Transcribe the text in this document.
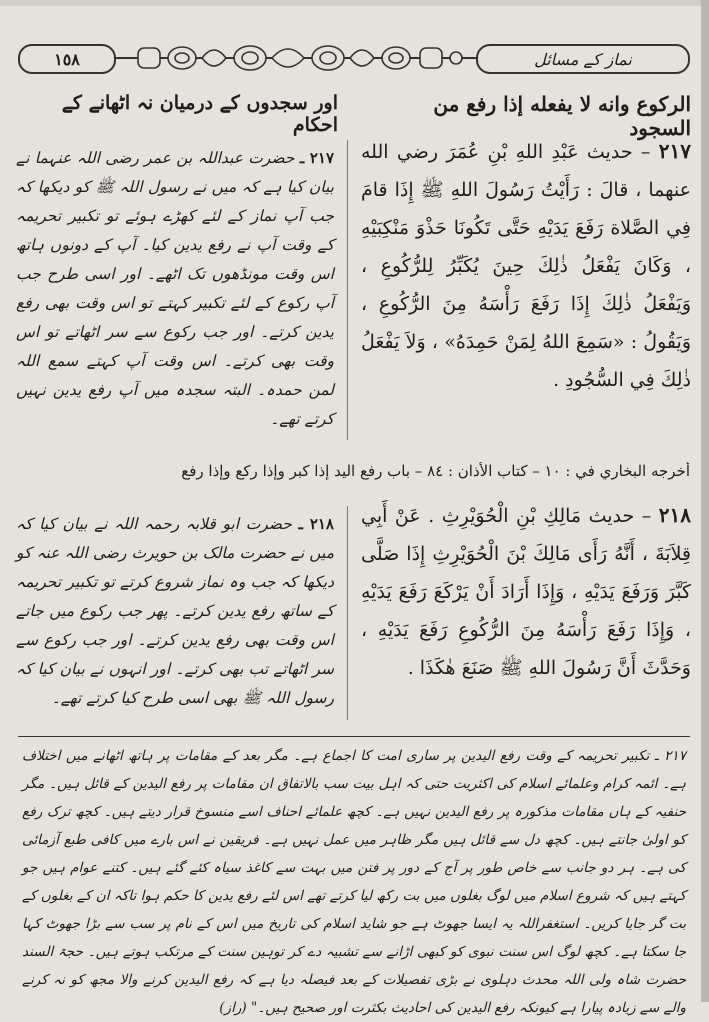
١٥٨	نماز کے مسائل
الركوع وانه لا يفعله إذا رفع من السجود
اور سجدوں کے درمیان نہ اٹھانے کے احکام
٢١٧ – حديث عَبْدِ اللهِ بْنِ عُمَرَ رضي الله عنهما ، قالَ : رَأَيْتُ رَسُولَ اللهِ ﷺ إِذَا قامَ فِي الصَّلاة رَفَعَ يَدَيْهِ حَتَّى تَكُونَا حَذْوَ مَنْكِبَيْهِ ، وَكَانَ يَفْعَلُ ذٰلِكَ حِينَ يُكَبِّرُ لِلرُّكُوعِ ، وَيَفْعَلُ ذٰلِكَ إِذَا رَفَعَ رَأْسَهُ مِنَ الرُّكُوعِ ، وَيَقُولُ : «سَمِعَ اللهُ لِمَنْ حَمِدَهُ» ، وَلاَ يَفْعَلُ ذٰلِكَ فِي السُّجُودِ .
٢١٧ ـ حضرت عبداللہ بن عمر رضی اللہ عنہما نے بیان کیا ہے کہ میں نے رسول اللہ ﷺ کو دیکھا کہ جب آپ نماز کے لئے کھڑے ہوئے تو تکبیر تحریمہ کے وقت آپ نے رفع یدین کیا۔ آپ کے دونوں ہاتھ اس وقت مونڈھوں تک اٹھے۔ اور اسی طرح جب آپ رکوع کے لئے تکبیر کہتے تو اس وقت بھی رفع یدین کرتے۔ اور جب رکوع سے سر اٹھاتے تو اس وقت بھی کرتے۔ اس وقت آپ کہتے سمع اللہ لمن حمدہ۔ البتہ سجدہ میں آپ رفع یدین نہیں کرتے تھے۔
أخرجه البخاري في : ١٠ – كتاب الأذان : ٨٤ – باب رفع اليد إذا كبر وإذا ركع وإذا رفع
٢١٨ – حديث مَالِكِ بْنِ الْحُوَيْرِثِ . عَنْ أَبِي قِلاَبَةَ ، أَنَّهُ رَأَى مَالِكَ بْنَ الْحُوَيْرِثِ إِذَا صَلَّى كَبَّرَ وَرَفَعَ يَدَيْهِ ، وَإِذَا أَرَادَ أَنْ يَرْكَعَ رَفَعَ يَدَيْهِ ، وَإِذَا رَفَعَ رَأْسَهُ مِنَ الرُّكُوعِ رَفَعَ يَدَيْهِ ، وَحَدَّثَ أَنَّ رَسُولَ اللهِ ﷺ صَنَعَ هٰكَذَا .
٢١٨ ـ حضرت ابو قلابہ رحمہ اللہ نے بیان کیا کہ میں نے حضرت مالک بن حویرث رضی اللہ عنہ کو دیکھا کہ جب وہ نماز شروع کرتے تو تکبیر تحریمہ کے ساتھ رفع یدین کرتے۔ پھر جب رکوع میں جاتے اس وقت بھی رفع یدین کرتے۔ اور جب رکوع سے سر اٹھاتے تب بھی کرتے۔ اور انہوں نے بیان کیا کہ رسول اللہ ﷺ بھی اسی طرح کیا کرتے تھے۔
٢١٧ ـ تکبیر تحریمہ کے وقت رفع الیدین پر ساری امت کا اجماع ہے۔ مگر بعد کے مقامات پر ہاتھ اٹھانے میں اختلاف ہے۔ ائمہ کرام وعلمائے اسلام کی اکثریت حتی کہ اہل بیت سب بالاتفاق ان مقامات پر رفع الیدین کے قائل ہیں۔ مگر حنفیہ کے ہاں مقامات مذکورہ پر رفع الیدین نہیں ہے۔ کچھ علمائے احناف اسے منسوخ قرار دیتے ہیں۔ کچھ ترک رفع کو اولیٰ جانتے ہیں۔ کچھ دل سے قائل ہیں مگر ظاہر میں عمل نہیں ہے۔ فریقین نے اس بارے میں کافی طبع آزمائی کی ہے۔ ہر دو جانب سے خاص طور پر آج کے دور پر فتن میں بہت سے کاغذ سیاہ کئے گئے ہیں۔ کتنے عوام ہیں جو کہتے ہیں کہ شروع اسلام میں لوگ بغلوں میں بت رکھ لیا کرتے تھے اس لئے رفع یدین کا حکم ہوا تاکہ ان کے بغلوں کے بت گر جایا کریں۔ استغفراللہ یہ ایسا جھوٹ ہے جو شاید اسلام کی تاریخ میں اس کے نام پر سب سے بڑا جھوٹ کہا جا سکتا ہے۔ کچھ لوگ اس سنت نبوی کو کبھی اڑانے سے تشبیہ دے کر توہین سنت کے مرتکب ہوتے ہیں۔ حجۃ السند حضرت شاہ ولی اللہ محدث دہلوی نے بڑی تفصیلات کے بعد فیصلہ دیا ہے کہ رفع الیدین کرنے والا مجھ کو نہ کرنے والے سے زیادہ پیارا ہے کیونکہ رفع الیدین کی احادیث بکثرت اور صحیح ہیں۔" (راز)
